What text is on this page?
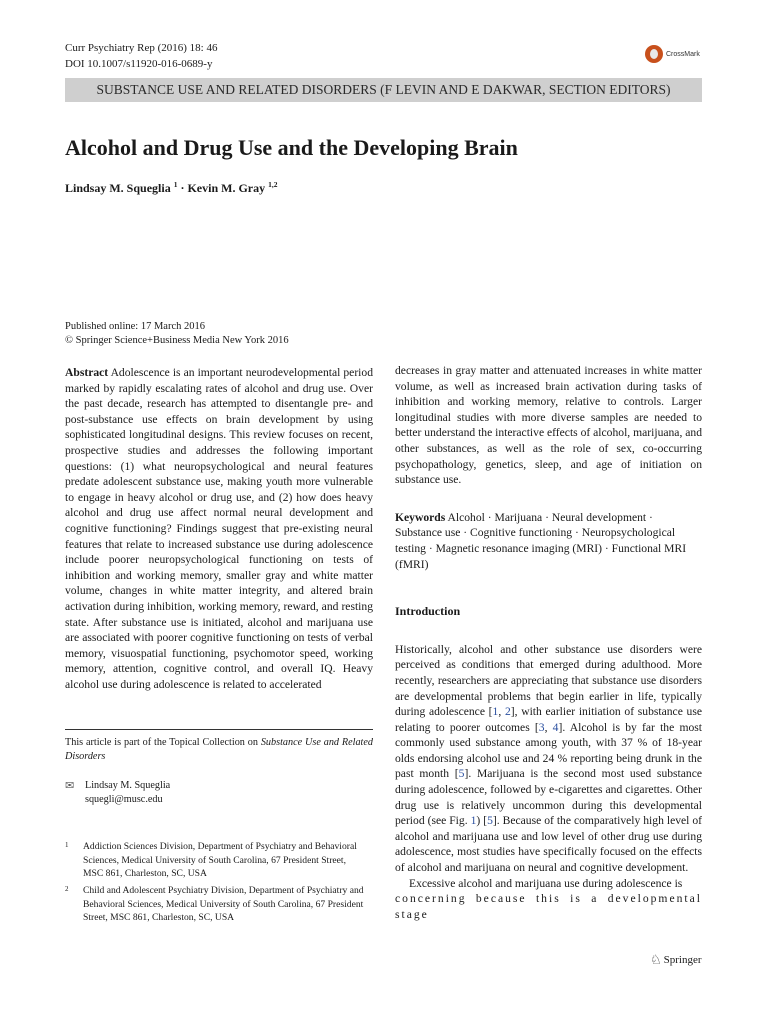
Curr Psychiatry Rep (2016) 18: 46
DOI 10.1007/s11920-016-0689-y
CrossMark
SUBSTANCE USE AND RELATED DISORDERS (F LEVIN AND E DAKWAR, SECTION EDITORS)
Alcohol and Drug Use and the Developing Brain
Lindsay M. Squeglia $^1$ · Kevin M. Gray $^{1,2}$
Published online: 17 March 2016
© Springer Science+Business Media New York 2016

Abstract Adolescence is an important neurodevelopmental period marked by rapidly escalating rates of alcohol and drug use. Over the past decade, research has attempted to disentangle pre- and post-substance use effects on brain development by using sophisticated longitudinal designs. This review focuses on recent, prospective studies and addresses the following important questions: (1) what neuropsychological and neural features predate adolescent substance use, making youth more vulnerable to engage in heavy alcohol or drug use, and (2) how does heavy alcohol and drug use affect normal neural development and cognitive functioning? Findings suggest that pre-existing neural features that relate to increased substance use during adolescence include poorer neuropsychological functioning on tests of inhibition and working memory, smaller gray and white matter volume, changes in white matter integrity, and altered brain activation during inhibition, working memory, reward, and resting state. After substance use is initiated, alcohol and marijuana use are associated with poorer cognitive functioning on tests of verbal memory, visuospatial functioning, psychomotor speed, working memory, attention, cognitive control, and overall IQ. Heavy alcohol use during adolescence is related to accelerated

This article is part of the Topical Collection on Substance Use and Related Disorders
✉	Lindsay M. Squeglia
squegli@musc.edu
1	Addiction Sciences Division, Department of Psychiatry and Behavioral Sciences, Medical University of South Carolina, 67 President Street, MSC 861, Charleston, SC, USA
2	Child and Adolescent Psychiatry Division, Department of Psychiatry and Behavioral Sciences, Medical University of South Carolina, 67 President Street, MSC 861, Charleston, SC, USA

decreases in gray matter and attenuated increases in white matter volume, as well as increased brain activation during tasks of inhibition and working memory, relative to controls. Larger longitudinal studies with more diverse samples are needed to better understand the interactive effects of alcohol, marijuana, and other substances, as well as the role of sex, co-occurring psychopathology, genetics, sleep, and age of initiation on substance use.

Keywords Alcohol · Marijuana · Neural development · Substance use · Cognitive functioning · Neuropsychological testing · Magnetic resonance imaging (MRI) · Functional MRI (fMRI)

Introduction

Historically, alcohol and other substance use disorders were perceived as conditions that emerged during adulthood. More recently, researchers are appreciating that substance use disorders are developmental problems that begin earlier in life, typically during adolescence [1, 2], with earlier initiation of substance use relating to poorer outcomes [3, 4]. Alcohol is by far the most commonly used substance among youth, with 37 % of 18-year olds endorsing alcohol use and 24 % reporting being drunk in the past month [5]. Marijuana is the second most used substance during adolescence, followed by e-cigarettes and cigarettes. Other drug use is relatively uncommon during this developmental period (see Fig. 1) [5]. Because of the comparatively high level of alcohol and marijuana use and low level of other drug use during adolescence, most studies have specifically focused on the effects of alcohol and marijuana on neural and cognitive development.

Excessive alcohol and marijuana use during adolescence is
concerning because this is a developmental stage

♘ Springer
